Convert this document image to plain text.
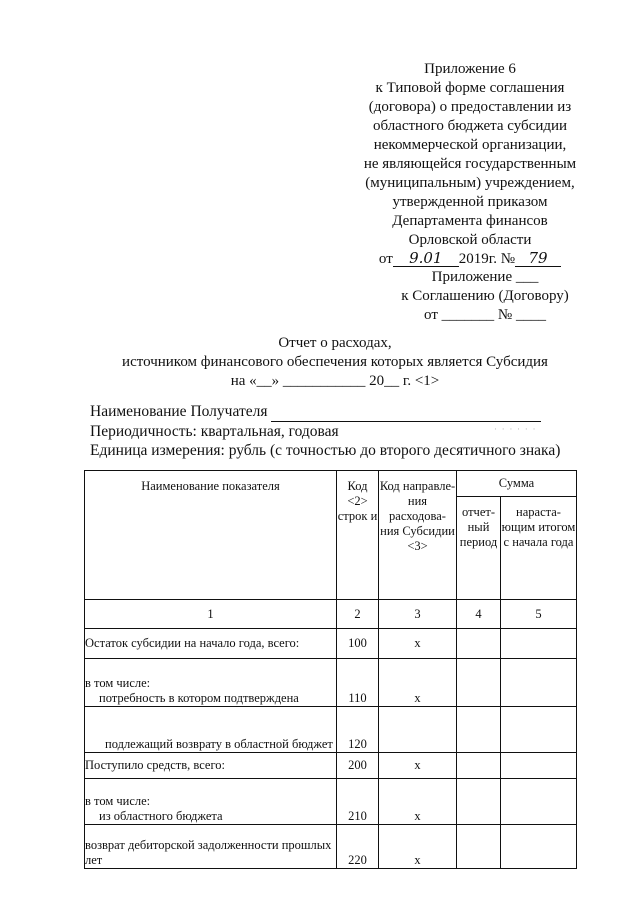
Приложение 6
к Типовой форме соглашения
(договора) о предоставлении из
областного бюджета субсидии
некоммерческой организации,
не являющейся государственным
(муниципальным) учреждением,
утвержденной приказом
Департамента финансов
Орловской области
от 9.01 2019г. № 79
Приложение ___
к Соглашению (Договору)
от _______ № ____
Отчет о расходах,
источником финансового обеспечения которых является Субсидия
на «__» ___________ 20__ г. <1>
Наименование Получателя
Периодичность: квартальная, годовая
Единица измерения: рубль (с точностью до второго десятичного знака)
· · · · · ·
Наименование показателя	Код <2> строк и	Код направле- ния расходова- ния Субсидии <3>	Сумма	
			отчет- ный период	нараста- ющим итогом с начала года
1	2	3	4	5
Остаток субсидии на начало года, всего:	100	х		

в том числе:
потребность в котором подтверждена	110	х		
подлежащий возврату в областной бюджет	120			
Поступило средств, всего:	200	х		

в том числе:
из областного бюджета	210	х		
возврат дебиторской задолженности прошлых лет	220	х		
